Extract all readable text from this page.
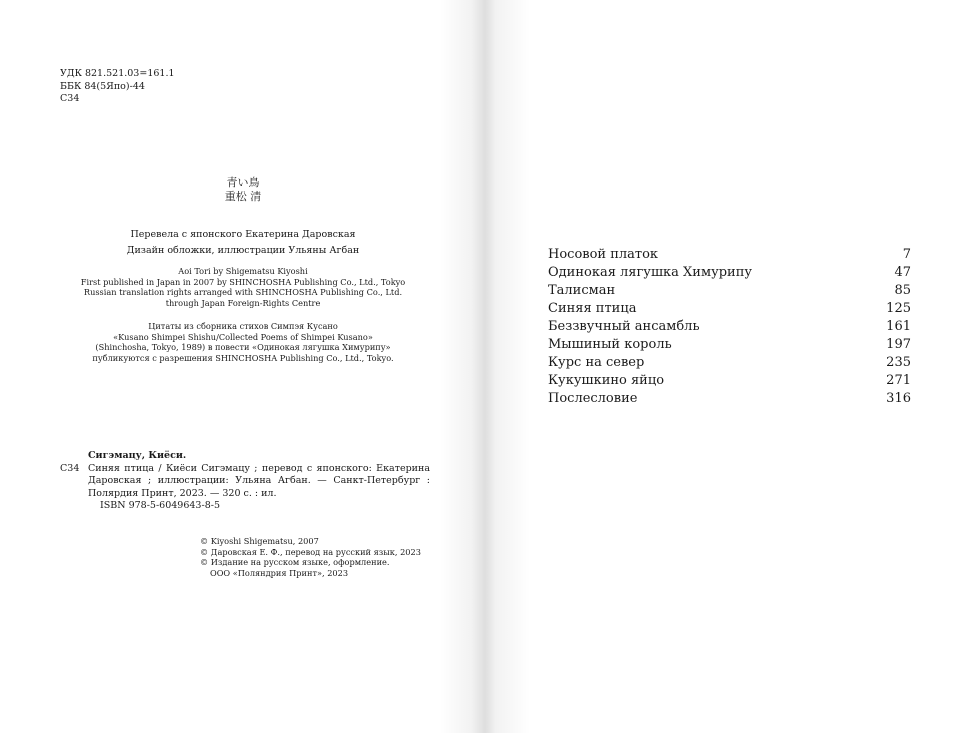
УДК 821.521.03=161.1
ББК 84(5Япо)-44
С34
青い鳥
重松 清
Перевела с японского Екатерина Даровская
Дизайн обложки, иллюстрации Ульяны Агбан
Aoi Tori by Shigematsu Kiyoshi
First published in Japan in 2007 by SHINCHOSHA Publishing Co., Ltd., Tokyo
Russian translation rights arranged with SHINCHOSHA Publishing Co., Ltd.
through Japan Foreign-Rights Centre
Цитаты из сборника стихов Симпэя Кусано
«Kusano Shimpei Shishu/Collected Poems of Shimpei Kusano»
(Shinchosha, Tokyo, 1989) в повести «Одинокая лягушка Химурипу»
публикуются с разрешения SHINCHOSHA Publishing Co., Ltd., Tokyo.
Сигэмацу, Киёси.
С34 Синяя птица / Киёси Сигэмацу ; перевод с японского: Екатерина Даровская ; иллюстрации: Ульяна Агбан. — Санкт-Петербург : Полярдия Принт, 2023. — 320 с. : ил.
ISBN 978-5-6049643-8-5
© Kiyoshi Shigematsu, 2007
© Даровская Е. Ф., перевод на русский язык, 2023
© Издание на русском языке, оформление.
ООО «Поляндрия Принт», 2023
Носовой платок	7
Одинокая лягушка Химурипу	47
Талисман	85
Синяя птица	125
Беззвучный ансамбль	161
Мышиный король	197
Курс на север	235
Кукушкино яйцо	271
Послесловие	316
